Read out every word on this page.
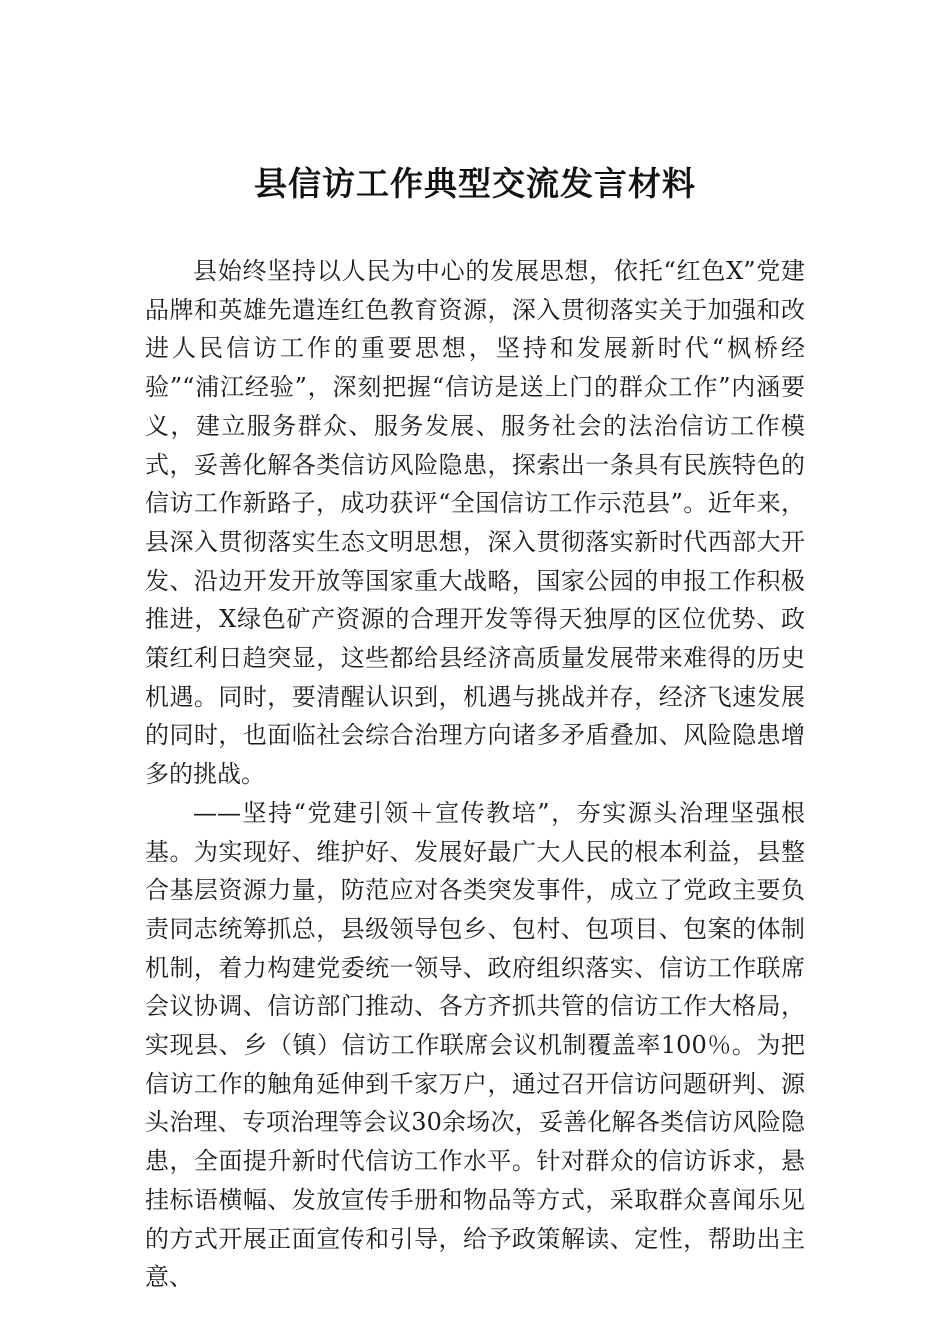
县信访工作典型交流发言材料

县始终坚持以人民为中心的发展思想，依托“红色X”党建品牌和英雄先遣连红色教育资源，深入贯彻落实关于加强和改进人民信访工作的重要思想，坚持和发展新时代“枫桥经验”“浦江经验”，深刻把握“信访是送上门的群众工作”内涵要义，建立服务群众、服务发展、服务社会的法治信访工作模式，妥善化解各类信访风险隐患，探索出一条具有民族特色的信访工作新路子，成功获评“全国信访工作示范县”。近年来，县深入贯彻落实生态文明思想，深入贯彻落实新时代西部大开发、沿边开发开放等国家重大战略，国家公园的申报工作积极推进，X绿色矿产资源的合理开发等得天独厚的区位优势、政策红利日趋突显，这些都给县经济高质量发展带来难得的历史机遇。同时，要清醒认识到，机遇与挑战并存，经济飞速发展的同时，也面临社会综合治理方向诸多矛盾叠加、风险隐患增多的挑战。

——坚持“党建引领＋宣传教培”，夯实源头治理坚强根基。为实现好、维护好、发展好最广大人民的根本利益，县整合基层资源力量，防范应对各类突发事件，成立了党政主要负责同志统筹抓总，县级领导包乡、包村、包项目、包案的体制机制，着力构建党委统一领导、政府组织落实、信访工作联席会议协调、信访部门推动、各方齐抓共管的信访工作大格局，实现县、乡（镇）信访工作联席会议机制覆盖率100％。为把信访工作的触角延伸到千家万户，通过召开信访问题研判、源头治理、专项治理等会议30余场次，妥善化解各类信访风险隐患，全面提升新时代信访工作水平。针对群众的信访诉求，悬挂标语横幅、发放宣传手册和物品等方式，采取群众喜闻乐见的方式开展正面宣传和引导，给予政策解读、定性，帮助出主意、
